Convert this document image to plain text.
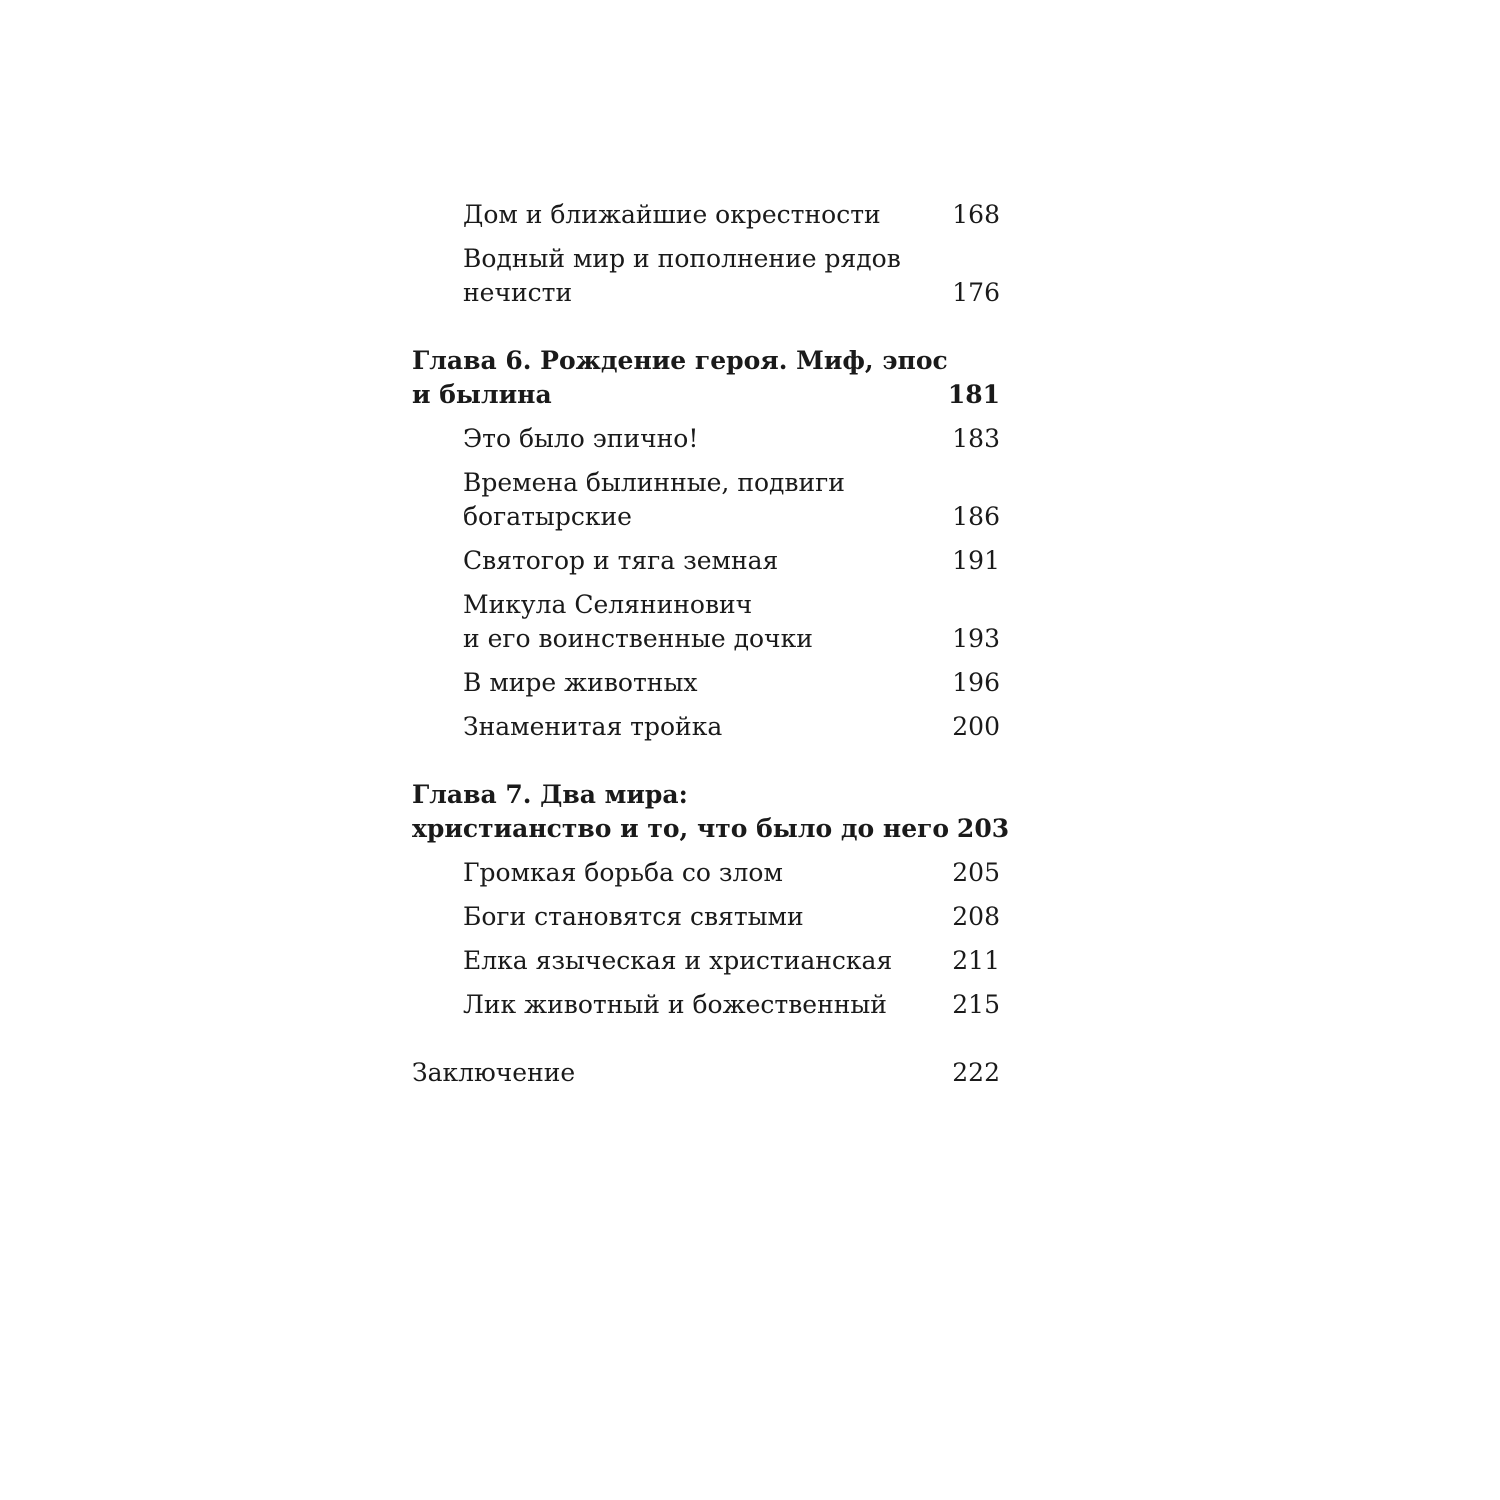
Дом и ближайшие окрестности	168
Водный мир и пополнение рядов
нечисти	176
Глава 6. Рождение героя. Миф, эпос
и былина	181
Это было эпично!	183
Времена былинные, подвиги
богатырские	186
Святогор и тяга земная	191
Микула Селянинович
и его воинственные дочки	193
В мире животных	196
Знаменитая тройка	200
Глава 7. Два мира:
христианство и то, что было до него 203
Громкая борьба со злом	205
Боги становятся святыми	208
Елка языческая и христианская	211
Лик животный и божественный	215
Заключение	222
